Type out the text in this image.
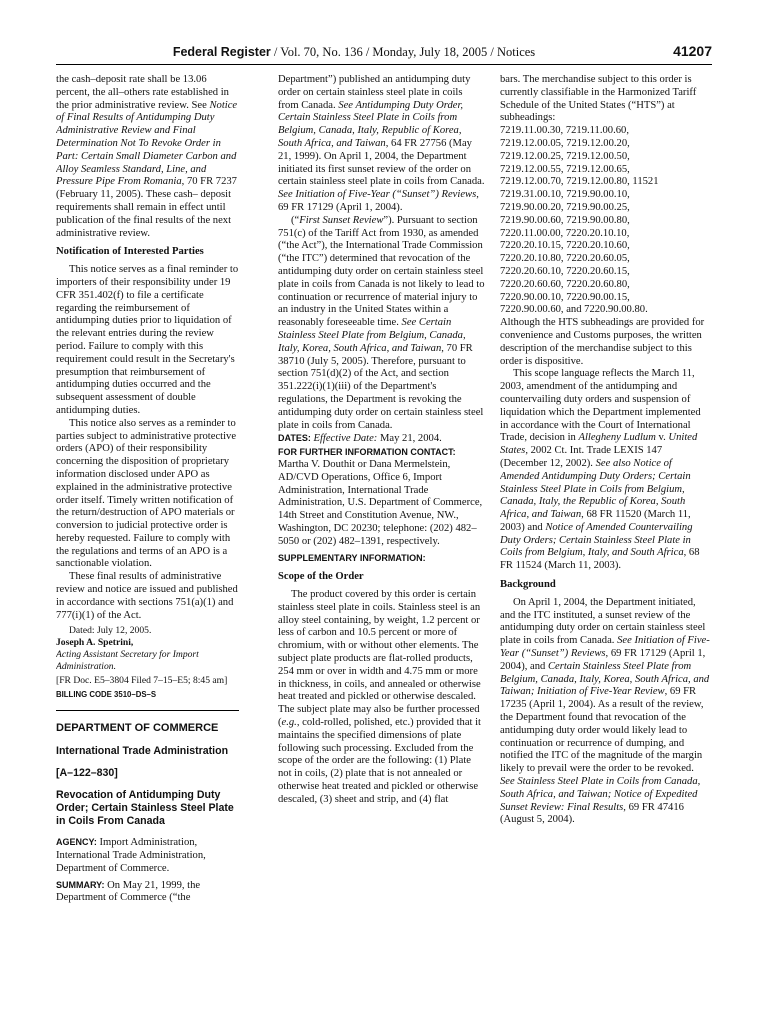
Federal Register / Vol. 70, No. 136 / Monday, July 18, 2005 / Notices	41207

the cash–deposit rate shall be 13.06 percent, the all–others rate established in the prior administrative review. See Notice of Final Results of Antidumping Duty Administrative Review and Final Determination Not To Revoke Order in Part: Certain Small Diameter Carbon and Alloy Seamless Standard, Line, and Pressure Pipe From Romania, 70 FR 7237 (February 11, 2005). These cash– deposit requirements shall remain in effect until publication of the final results of the next administrative review.

Notification of Interested Parties

This notice serves as a final reminder to importers of their responsibility under 19 CFR 351.402(f) to file a certificate regarding the reimbursement of antidumping duties prior to liquidation of the relevant entries during the review period. Failure to comply with this requirement could result in the Secretary's presumption that reimbursement of antidumping duties occurred and the subsequent assessment of double antidumping duties.

This notice also serves as a reminder to parties subject to administrative protective orders (APO) of their responsibility concerning the disposition of proprietary information disclosed under APO as explained in the administrative protective order itself. Timely written notification of the return/destruction of APO materials or conversion to judicial protective order is hereby requested. Failure to comply with the regulations and terms of an APO is a sanctionable violation.

These final results of administrative review and notice are issued and published in accordance with sections 751(a)(1) and 777(i)(1) of the Act.

Dated: July 12, 2005.

Joseph A. Spetrini,

Acting Assistant Secretary for Import Administration.

[FR Doc. E5–3804 Filed 7–15–E5; 8:45 am]

BILLING CODE 3510–DS–S

DEPARTMENT OF COMMERCE

International Trade Administration

[A–122–830]

Revocation of Antidumping Duty Order; Certain Stainless Steel Plate in Coils From Canada

AGENCY: Import Administration, International Trade Administration, Department of Commerce.

SUMMARY: On May 21, 1999, the Department of Commerce (“the

Department”) published an antidumping duty order on certain stainless steel plate in coils from Canada. See Antidumping Duty Order, Certain Stainless Steel Plate in Coils from Belgium, Canada, Italy, Republic of Korea, South Africa, and Taiwan, 64 FR 27756 (May 21, 1999). On April 1, 2004, the Department initiated its first sunset review of the order on certain stainless steel plate in coils from Canada. See Initiation of Five-Year (“Sunset”) Reviews, 69 FR 17129 (April 1, 2004).

(“First Sunset Review”). Pursuant to section 751(c) of the Tariff Act from 1930, as amended (“the Act”), the International Trade Commission (“the ITC”) determined that revocation of the antidumping duty order on certain stainless steel plate in coils from Canada is not likely to lead to continuation or recurrence of material injury to an industry in the United States within a reasonably foreseeable time. See Certain Stainless Steel Plate from Belgium, Canada, Italy, Korea, South Africa, and Taiwan, 70 FR 38710 (July 5, 2005). Therefore, pursuant to section 751(d)(2) of the Act, and section 351.222(i)(1)(iii) of the Department's regulations, the Department is revoking the antidumping duty order on certain stainless steel plate in coils from Canada.

DATES: Effective Date: May 21, 2004.

FOR FURTHER INFORMATION CONTACT:

Martha V. Douthit or Dana Mermelstein, AD/CVD Operations, Office 6, Import Administration, International Trade Administration, U.S. Department of Commerce, 14th Street and Constitution Avenue, NW., Washington, DC 20230; telephone: (202) 482–5050 or (202) 482–1391, respectively.

SUPPLEMENTARY INFORMATION:

Scope of the Order

The product covered by this order is certain stainless steel plate in coils. Stainless steel is an alloy steel containing, by weight, 1.2 percent or less of carbon and 10.5 percent or more of chromium, with or without other elements. The subject plate products are flat-rolled products, 254 mm or over in width and 4.75 mm or more in thickness, in coils, and annealed or otherwise heat treated and pickled or otherwise descaled. The subject plate may also be further processed (e.g., cold-rolled, polished, etc.) provided that it maintains the specified dimensions of plate following such processing. Excluded from the scope of the order are the following: (1) Plate not in coils, (2) plate that is not annealed or otherwise heat treated and pickled or otherwise descaled, (3) sheet and strip, and (4) flat

bars. The merchandise subject to this order is currently classifiable in the Harmonized Tariff Schedule of the United States (“HTS”) at subheadings:

7219.11.00.30, 7219.11.00.60,

7219.12.00.05, 7219.12.00.20,

7219.12.00.25, 7219.12.00.50,

7219.12.00.55, 7219.12.00.65,

7219.12.00.70, 7219.12.00.80, 11521

7219.31.00.10, 7219.90.00.10,

7219.90.00.20, 7219.90.00.25,

7219.90.00.60, 7219.90.00.80,

7220.11.00.00, 7220.20.10.10,

7220.20.10.15, 7220.20.10.60,

7220.20.10.80, 7220.20.60.05,

7220.20.60.10, 7220.20.60.15,

7220.20.60.60, 7220.20.60.80,

7220.90.00.10, 7220.90.00.15,

7220.90.00.60, and 7220.90.00.80.

Although the HTS subheadings are provided for convenience and Customs purposes, the written description of the merchandise subject to this order is dispositive.

This scope language reflects the March 11, 2003, amendment of the antidumping and countervailing duty orders and suspension of liquidation which the Department implemented in accordance with the Court of International Trade, decision in Allegheny Ludlum v. United States, 2002 Ct. Int. Trade LEXIS 147 (December 12, 2002). See also Notice of Amended Antidumping Duty Orders; Certain Stainless Steel Plate in Coils from Belgium, Canada, Italy, the Republic of Korea, South Africa, and Taiwan, 68 FR 11520 (March 11, 2003) and Notice of Amended Countervailing Duty Orders; Certain Stainless Steel Plate in Coils from Belgium, Italy, and South Africa, 68 FR 11524 (March 11, 2003).

Background

On April 1, 2004, the Department initiated, and the ITC instituted, a sunset review of the antidumping duty order on certain stainless steel plate in coils from Canada. See Initiation of Five-Year (“Sunset”) Reviews, 69 FR 17129 (April 1, 2004), and Certain Stainless Steel Plate from Belgium, Canada, Italy, Korea, South Africa, and Taiwan; Initiation of Five-Year Review, 69 FR 17235 (April 1, 2004). As a result of the review, the Department found that revocation of the antidumping duty order would likely lead to continuation or recurrence of dumping, and notified the ITC of the magnitude of the margin likely to prevail were the order to be revoked. See Stainless Steel Plate in Coils from Canada, South Africa, and Taiwan; Notice of Expedited Sunset Review: Final Results, 69 FR 47416 (August 5, 2004).
